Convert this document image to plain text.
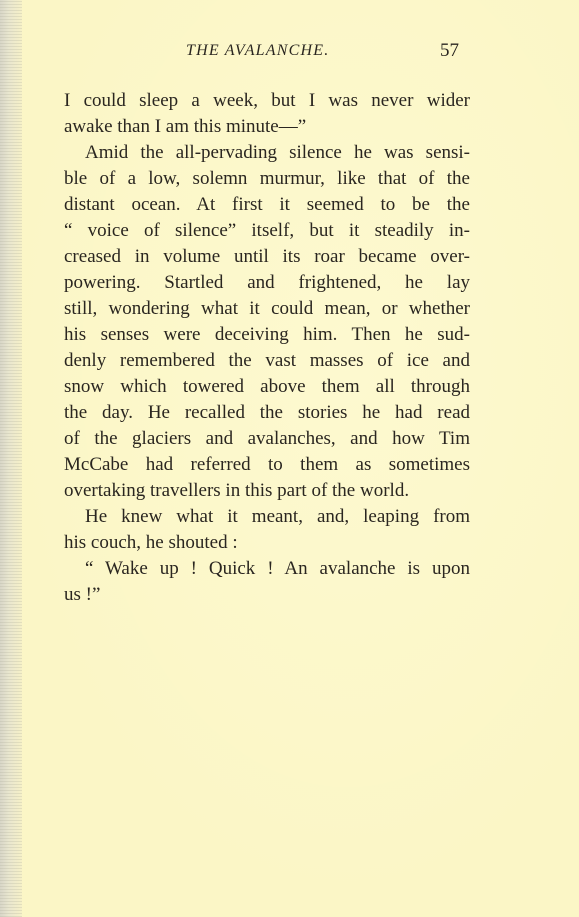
THE AVALANCHE.	57
I could sleep a week, but I was never wider
awake than I am this minute—”
Amid the all-pervading silence he was sensi-
ble of a low, solemn murmur, like that of the
distant ocean. At first it seemed to be the
“ voice of silence” itself, but it steadily in-
creased in volume until its roar became over-
powering. Startled and frightened, he lay
still, wondering what it could mean, or whether
his senses were deceiving him. Then he sud-
denly remembered the vast masses of ice and
snow which towered above them all through
the day. He recalled the stories he had read
of the glaciers and avalanches, and how Tim
McCabe had referred to them as sometimes
overtaking travellers in this part of the world.
He knew what it meant, and, leaping from
his couch, he shouted :
“ Wake up ! Quick ! An avalanche is upon
us !”
